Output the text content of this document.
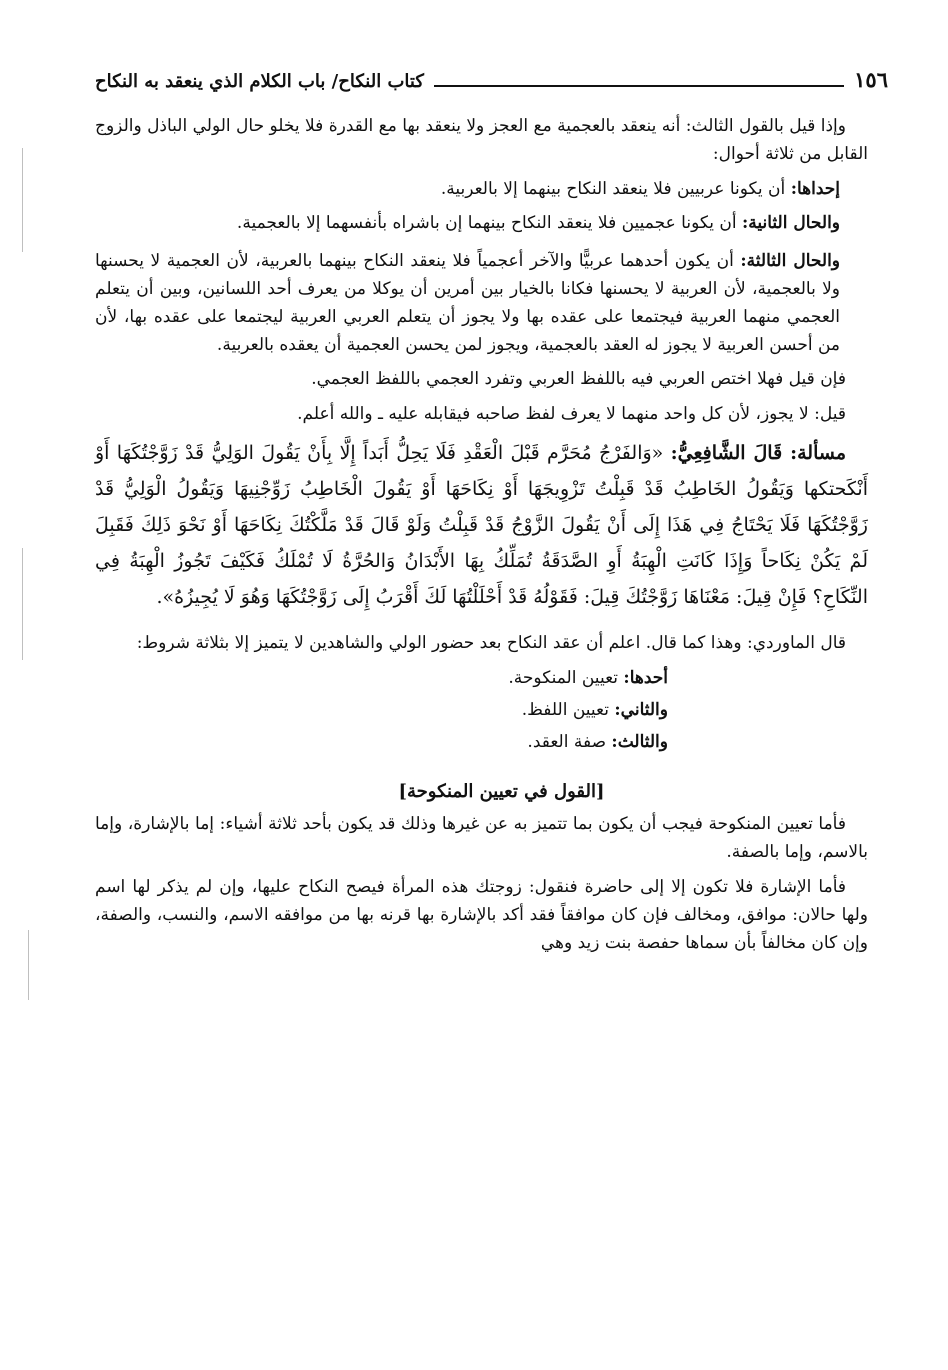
١٥٦
كتاب النكاح/ باب الكلام الذي ينعقد به النكاح

وإذا قيل بالقول الثالث: أنه ينعقد بالعجمية مع العجز ولا ينعقد بها مع القدرة فلا يخلو حال الولي الباذل والزوج القابل من ثلاثة أحوال:

إحداها: أن يكونا عربيين فلا ينعقد النكاح بينهما إلا بالعربية.

والحال الثانية: أن يكونا عجميين فلا ينعقد النكاح بينهما إن باشراه بأنفسهما إلا بالعجمية.

والحال الثالثة: أن يكون أحدهما عربيًّا والآخر أعجمياً فلا ينعقد النكاح بينهما بالعربية، لأن العجمية لا يحسنها ولا بالعجمية، لأن العربية لا يحسنها فكانا بالخيار بين أمرين أن يوكلا من يعرف أحد اللسانين، وبين أن يتعلم العجمي منهما العربية فيجتمعا على عقده بها ولا يجوز أن يتعلم العربي العربية ليجتمعا على عقده بها، لأن من أحسن العربية لا يجوز له العقد بالعجمية، ويجوز لمن يحسن العجمية أن يعقده بالعربية.

فإن قيل فهلا اختص العربي فيه باللفظ العربي وتفرد العجمي باللفظ العجمي.

قيل: لا يجوز، لأن كل واحد منهما لا يعرف لفظ صاحبه فيقابله عليه ـ والله أعلم.

مسألة: قَالَ الشَّافِعِيُّ: «وَالفَرْجُ مُحَرَّم قَبْلَ الْعَقْدِ فَلَا يَحِلُّ أَبَداً إِلَّا بِأَنْ يَقُولَ الوَلِيُّ قَدْ زَوَّجْتُكَهَا أَوْ أَنْكَحتكها وَيَقُولُ الخَاطِبُ قَدْ قَبِلْتُ تَزْوِيجَهَا أَوْ نِكَاحَهَا أَوْ يَقُولَ الْخَاطِبُ زَوِّجْنِيهَا وَيَقُولُ الْوَلِيُّ قَدْ زَوَّجْتُكَهَا فَلَا يَحْتَاجُ فِي هَذَا إِلَى أَنْ يَقُولَ الزَّوْجُ قَدْ قَبِلْتُ وَلَوْ قَالَ قَدْ مَلَّكْتُكَ نِكَاحَهَا أَوْ نَحْوَ ذَلِكَ فَقَبِلَ لَمْ يَكُنْ نِكَاحاً وَإِذَا كَانَتِ الْهِبَةُ أَوِ الصَّدَقَةُ تُمَلِّكُ بِهَا الأَبْدَانُ وَالحُرَّةُ لَا تُمْلَكُ فَكَيْفَ تَجُوزُ الْهِبَةُ فِي النِّكَاحِ؟ فَإِنْ قِيلَ: مَعْنَاهَا زَوَّجْتُكَ قِيلَ: فَقَوْلُهُ قَدْ أَحْلَلْتُهَا لَكَ أَقْرَبُ إِلَى زَوَّجْتُكَهَا وَهُوَ لَا يُجِيزُهُ».

قال الماوردي: وهذا كما قال. اعلم أن عقد النكاح بعد حضور الولي والشاهدين لا يتميز إلا بثلاثة شروط:

أحدها: تعيين المنكوحة.

والثاني: تعيين اللفظ.

والثالث: صفة العقد.

[القول في تعيين المنكوحة]

فأما تعيين المنكوحة فيجب أن يكون بما تتميز به عن غيرها وذلك قد يكون بأحد ثلاثة أشياء: إما بالإشارة، وإما بالاسم، وإما بالصفة.

فأما الإشارة فلا تكون إلا إلى حاضرة فنقول: زوجتك هذه المرأة فيصح النكاح عليها، وإن لم يذكر لها اسم ولها حالان: موافق، ومخالف فإن كان موافقاً فقد أكد بالإشارة بها قرنه بها من موافقه الاسم، والنسب، والصفة، وإن كان مخالفاً بأن سماها حفصة بنت زيد وهي
